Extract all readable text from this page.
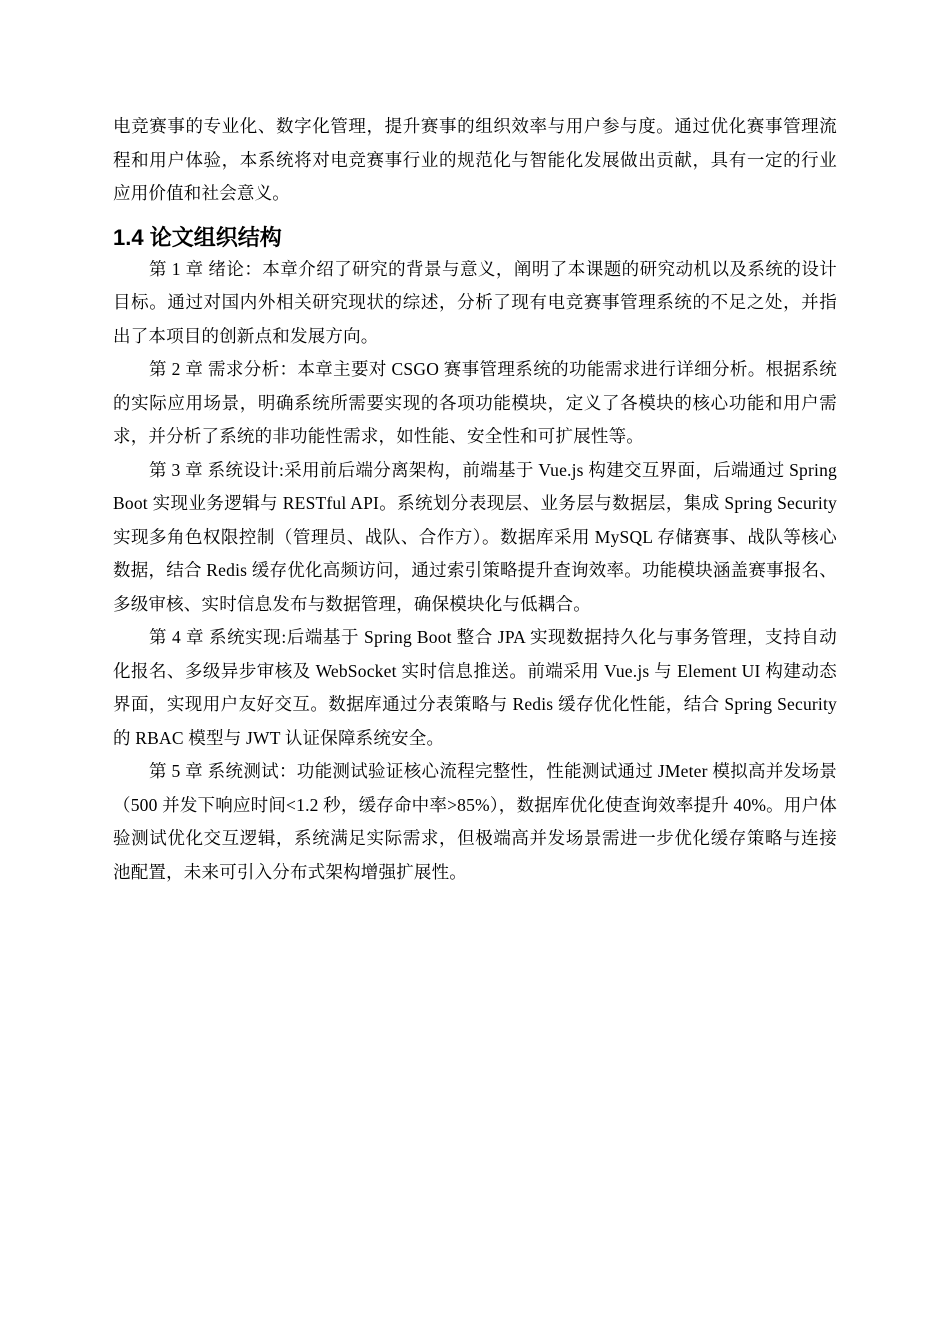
电竞赛事的专业化、数字化管理，提升赛事的组织效率与用户参与度。通过优化赛事管理流程和用户体验，本系统将对电竞赛事行业的规范化与智能化发展做出贡献，具有一定的行业应用价值和社会意义。

1.4 论文组织结构

第 1 章 绪论：本章介绍了研究的背景与意义，阐明了本课题的研究动机以及系统的设计目标。通过对国内外相关研究现状的综述，分析了现有电竞赛事管理系统的不足之处，并指出了本项目的创新点和发展方向。

第 2 章 需求分析：本章主要对 CSGO 赛事管理系统的功能需求进行详细分析。根据系统的实际应用场景，明确系统所需要实现的各项功能模块，定义了各模块的核心功能和用户需求，并分析了系统的非功能性需求，如性能、安全性和可扩展性等。

第 3 章 系统设计:采用前后端分离架构，前端基于 Vue.js 构建交互界面，后端通过 Spring Boot 实现业务逻辑与 RESTful API。系统划分表现层、业务层与数据层，集成 Spring Security 实现多角色权限控制（管理员、战队、合作方）。数据库采用 MySQL 存储赛事、战队等核心数据，结合 Redis 缓存优化高频访问，通过索引策略提升查询效率。功能模块涵盖赛事报名、多级审核、实时信息发布与数据管理，确保模块化与低耦合。

第 4 章 系统实现:后端基于 Spring Boot 整合 JPA 实现数据持久化与事务管理，支持自动化报名、多级异步审核及 WebSocket 实时信息推送。前端采用 Vue.js 与 Element UI 构建动态界面，实现用户友好交互。数据库通过分表策略与 Redis 缓存优化性能，结合 Spring Security 的 RBAC 模型与 JWT 认证保障系统安全。

第 5 章 系统测试：功能测试验证核心流程完整性，性能测试通过 JMeter 模拟高并发场景（500 并发下响应时间<1.2 秒，缓存命中率>85%），数据库优化使查询效率提升 40%。用户体验测试优化交互逻辑，系统满足实际需求，但极端高并发场景需进一步优化缓存策略与连接池配置，未来可引入分布式架构增强扩展性。
